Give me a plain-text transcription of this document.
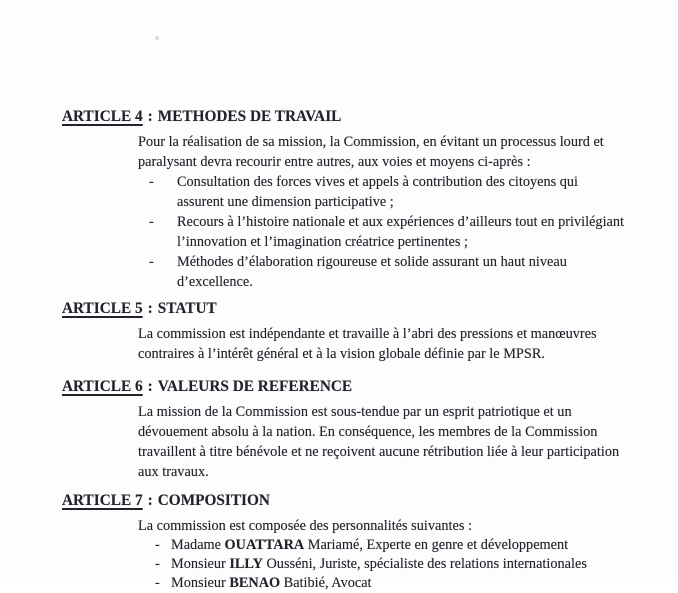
ARTICLE 4 : METHODES DE TRAVAIL
Pour la réalisation de sa mission, la Commission, en évitant un processus lourd et
paralysant devra recourir entre autres, aux voies et moyens ci-après :
-	Consultation des forces vives et appels à contribution des citoyens qui
assurent une dimension participative ;
-	Recours à l’histoire nationale et aux expériences d’ailleurs tout en privilégiant
l’innovation et l’imagination créatrice pertinentes ;
-	Méthodes d’élaboration rigoureuse et solide assurant un haut niveau
d’excellence.
ARTICLE 5 : STATUT
La commission est indépendante et travaille à l’abri des pressions et manœuvres
contraires à l’intérêt général et à la vision globale définie par le MPSR.
ARTICLE 6 : VALEURS DE REFERENCE
La mission de la Commission est sous-tendue par un esprit patriotique et un
dévouement absolu à la nation. En conséquence, les membres de la Commission
travaillent à titre bénévole et ne reçoivent aucune rétribution liée à leur participation
aux travaux.
ARTICLE 7 : COMPOSITION
La commission est composée des personnalités suivantes :
- Madame OUATTARA Mariamé, Experte en genre et développement
- Monsieur ILLY Ousséni, Juriste, spécialiste des relations internationales
- Monsieur BENAO Batibié, Avocat
